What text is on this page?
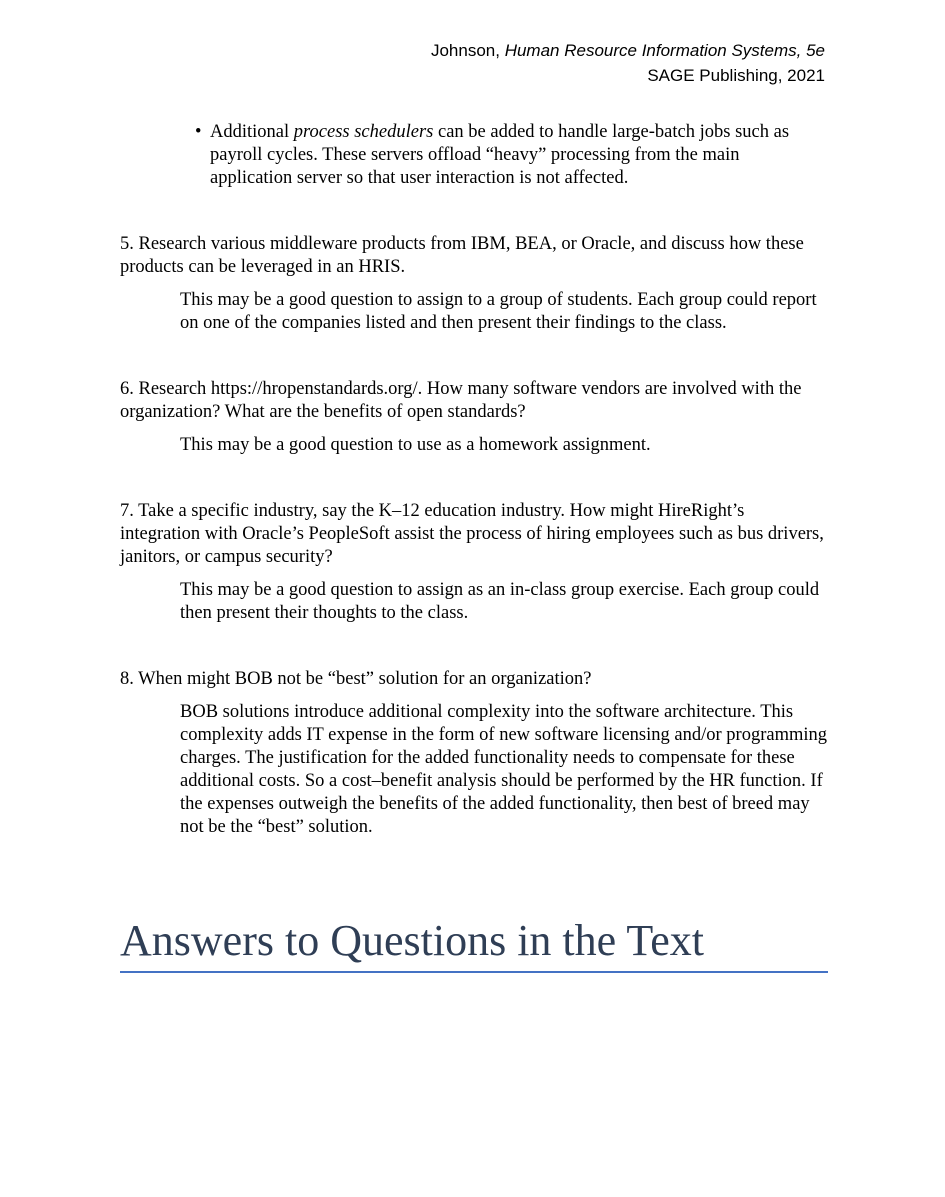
Johnson, Human Resource Information Systems, 5e
SAGE Publishing, 2021
• Additional process schedulers can be added to handle large-batch jobs such as payroll cycles. These servers offload “heavy” processing from the main application server so that user interaction is not affected.

5. Research various middleware products from IBM, BEA, or Oracle, and discuss how these products can be leveraged in an HRIS.

This may be a good question to assign to a group of students. Each group could report on one of the companies listed and then present their findings to the class.

6. Research https://hropenstandards.org/. How many software vendors are involved with the organization? What are the benefits of open standards?

This may be a good question to use as a homework assignment.

7. Take a specific industry, say the K–12 education industry. How might HireRight’s integration with Oracle’s PeopleSoft assist the process of hiring employees such as bus drivers, janitors, or campus security?

This may be a good question to assign as an in-class group exercise. Each group could then present their thoughts to the class.

8. When might BOB not be “best” solution for an organization?

BOB solutions introduce additional complexity into the software architecture. This complexity adds IT expense in the form of new software licensing and/or programming charges. The justification for the added functionality needs to compensate for these additional costs. So a cost–benefit analysis should be performed by the HR function. If the expenses outweigh the benefits of the added functionality, then best of breed may not be the “best” solution.

Answers to Questions in the Text
